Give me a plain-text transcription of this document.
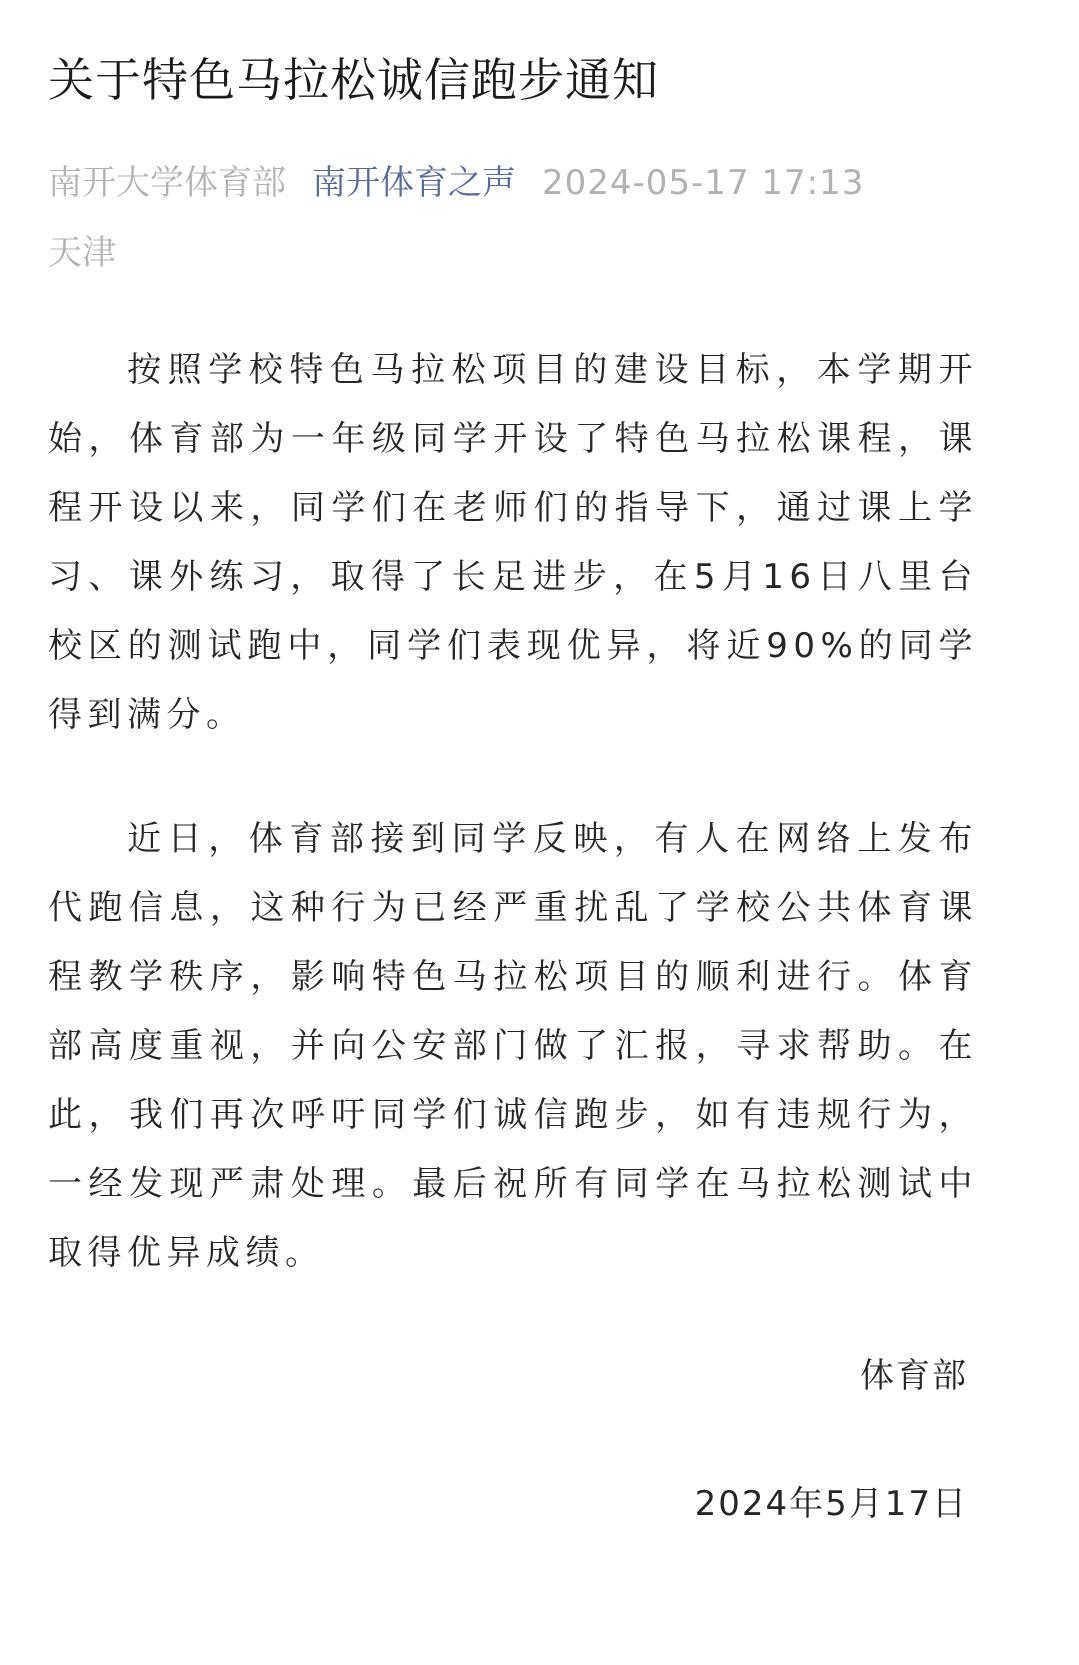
关于特色马拉松诚信跑步通知
南开大学体育部 南开体育之声 2024-05-17 17:13
天津

按照学校特色马拉松项目的建设目标，本学期开始，体育部为一年级同学开设了特色马拉松课程，课程开设以来，同学们在老师们的指导下，通过课上学习、课外练习，取得了长足进步，在5月16日八里台校区的测试跑中，同学们表现优异，将近90%的同学得到满分。

近日，体育部接到同学反映，有人在网络上发布代跑信息，这种行为已经严重扰乱了学校公共体育课程教学秩序，影响特色马拉松项目的顺利进行。体育部高度重视，并向公安部门做了汇报，寻求帮助。在此，我们再次呼吁同学们诚信跑步，如有违规行为，一经发现严肃处理。最后祝所有同学在马拉松测试中取得优异成绩。

体育部
2024年5月17日
